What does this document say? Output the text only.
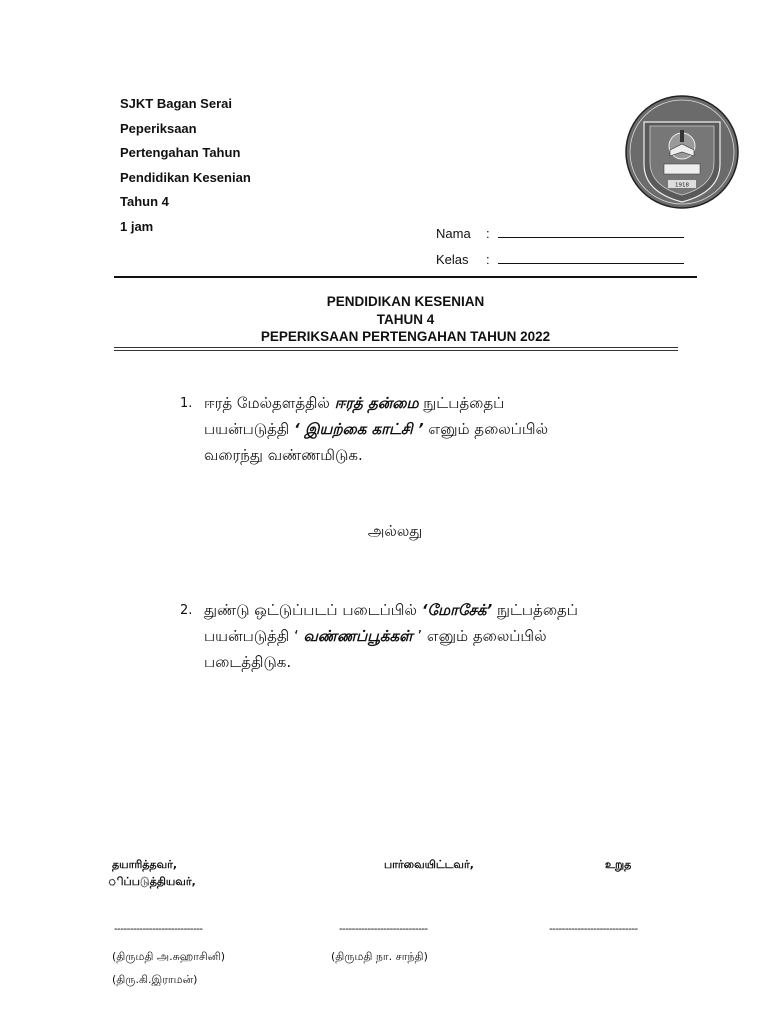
SJKT Bagan Serai
Peperiksaan
Pertengahan Tahun
Pendidikan Kesenian
Tahun 4
1 jam
1918
Nama :
Kelas :
PENDIDIKAN KESENIAN
TAHUN 4
PEPERIKSAAN PERTENGAHAN TAHUN 2022
1. ஈரத் மேல்தளத்தில் ஈரத் தன்மை நுட்பத்தைப்
பயன்படுத்தி ‘ இயற்கை காட்சி ’ எனும் தலைப்பில்
வரைந்து வண்ணமிடுக.
அல்லது
2. துண்டு ஒட்டுப்படப் படைப்பில் ‘மோசேக்’ நுட்பத்தைப்
பயன்படுத்தி ‘ வண்ணப்பூக்கள் ’ எனும் தலைப்பில்
படைத்திடுக.
தயாரித்தவர்,	பார்வையிட்டவர்,	உறுத
ிப்படுத்தியவர்,
----------------------------	----------------------------	----------------------------
(திருமதி அ.சுஹாசினி)	(திருமதி நா. சாந்தி)
(திரு.கி.இராமன்)
